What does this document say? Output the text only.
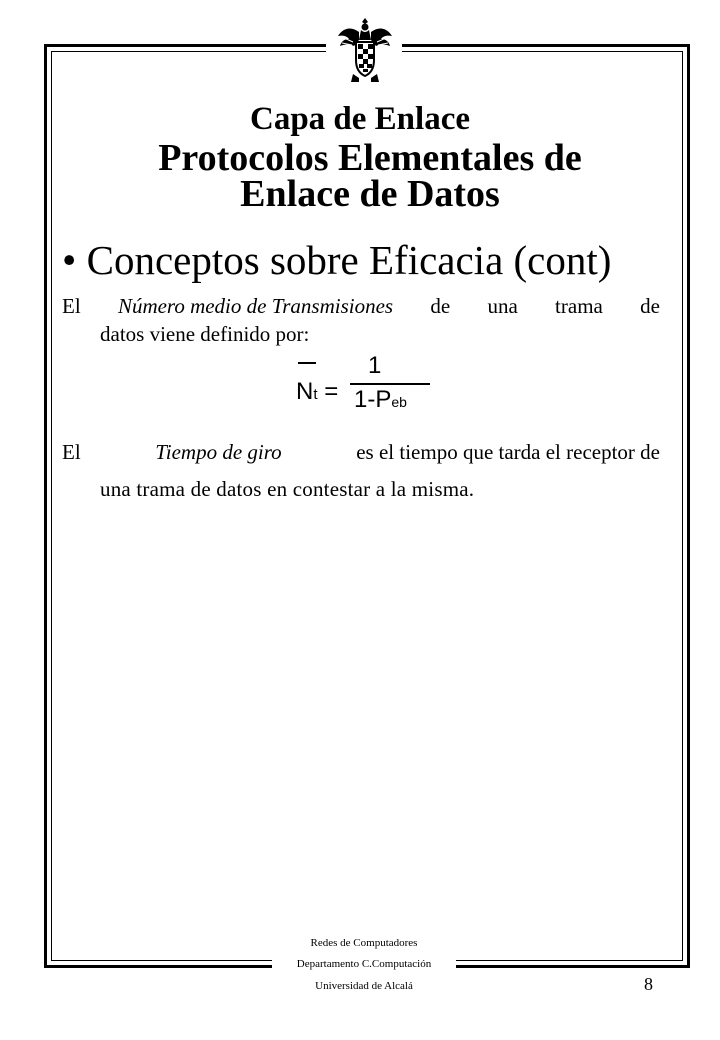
Capa de Enlace
Protocolos Elementales de
Enlace de Datos
• Conceptos sobre Eficacia (cont)
El Número medio de Transmisiones de una trama de
datos viene definido por:
Nt =
1
1-Peb
El	Tiempo de giro	es el tiempo que tarda el receptor de
una trama de datos en contestar a la misma.
Redes de Computadores
Departamento C.Computación
Universidad de Alcalá	8
